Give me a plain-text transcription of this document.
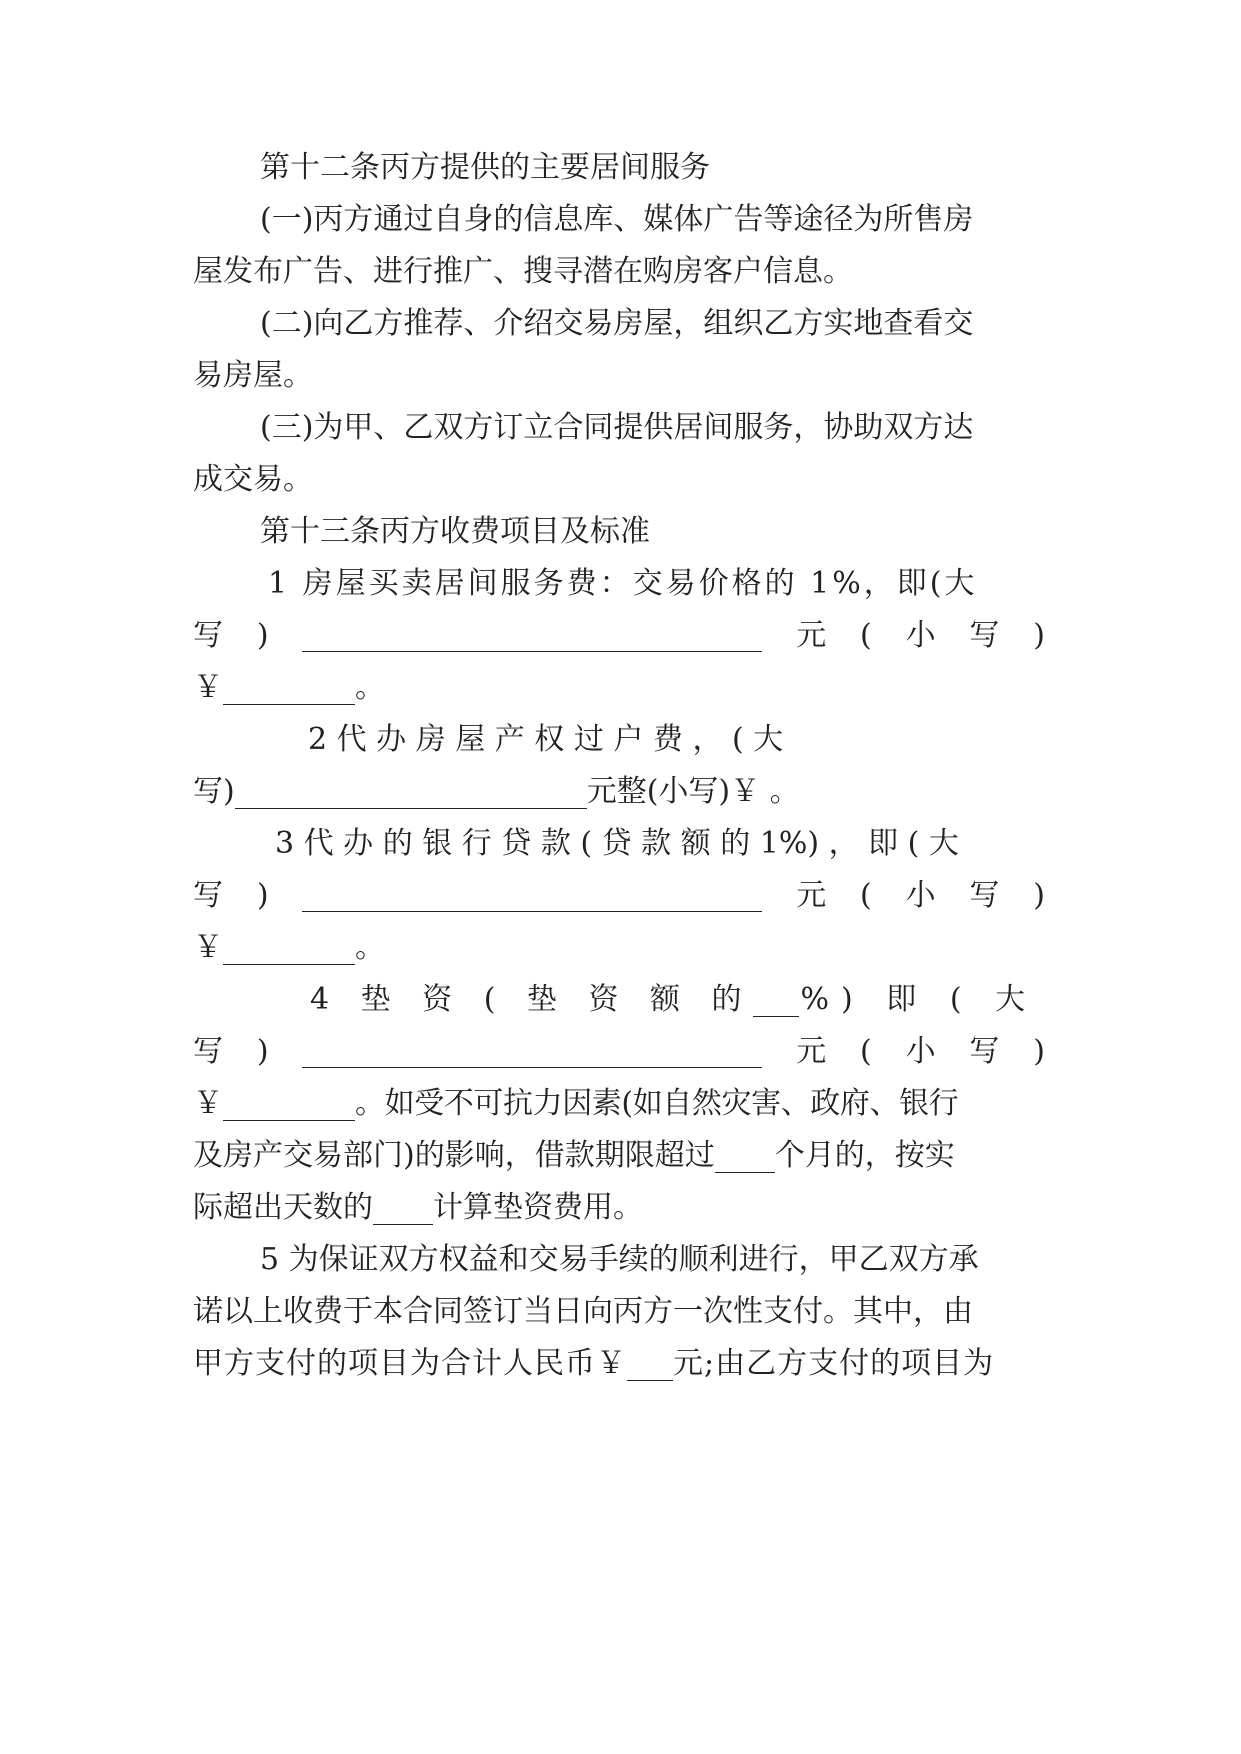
第十二条丙方提供的主要居间服务
(一)丙方通过自身的信息库、媒体广告等途径为所售房
屋发布广告、进行推广、搜寻潜在购房客户信息。
(二)向乙方推荐、介绍交易房屋，组织乙方实地查看交
易房屋。
(三)为甲、乙双方订立合同提供居间服务，协助双方达
成交易。
第十三条丙方收费项目及标准
1 房屋买卖居间服务费：交易价格的 1%，即(大
写 )	元 ( 小 写 )
￥	。
2 代 办 房 屋 产 权 过 户 费 ， ( 大
写)	元整(小写)￥ 。
3 代 办 的 银 行 贷 款 ( 贷 款 额 的 1%) ， 即 ( 大
写 )	元 ( 小 写 )
￥	。
4 垫 资 ( 垫 资 额 的 %) 即 ( 大
写 )	元 ( 小 写 )
￥	。如受不可抗力因素(如自然灾害、政府、银行
及房产交易部门)的影响，借款期限超过 个月的，按实
际超出天数的 计算垫资费用。
5 为保证双方权益和交易手续的顺利进行，甲乙双方承
诺以上收费于本合同签订当日向丙方一次性支付。其中，由
甲方支付的项目为合计人民币￥ 元;由乙方支付的项目为
